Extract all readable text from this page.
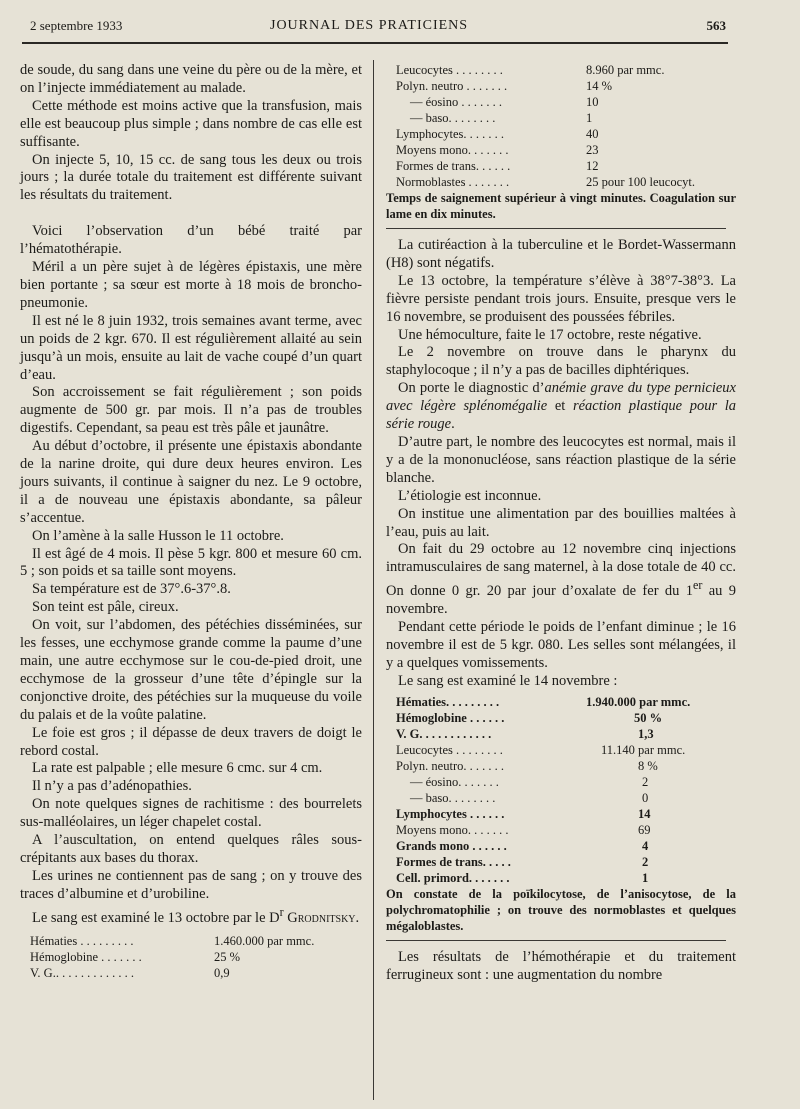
2 septembre 1933	JOURNAL DES PRATICIENS	563

de soude, du sang dans une veine du père ou de la mère, et on l’injecte immédiatement au malade.

Cette méthode est moins active que la transfusion, mais elle est beaucoup plus simple ; dans nombre de cas elle est suffisante.

On injecte 5, 10, 15 cc. de sang tous les deux ou trois jours ; la durée totale du traitement est différente suivant les résultats du traitement.

Voici l’observation d’un bébé traité par l’hématothérapie.

Méril a un père sujet à de légères épistaxis, une mère bien portante ; sa sœur est morte à 18 mois de broncho-pneumonie.

Il est né le 8 juin 1932, trois semaines avant terme, avec un poids de 2 kgr. 670. Il est régulièrement allaité au sein jusqu’à un mois, ensuite au lait de vache coupé d’un quart d’eau.

Son accroissement se fait régulièrement ; son poids augmente de 500 gr. par mois. Il n’a pas de troubles digestifs. Cependant, sa peau est très pâle et jaunâtre.

Au début d’octobre, il présente une épistaxis abondante de la narine droite, qui dure deux heures environ. Les jours suivants, il continue à saigner du nez. Le 9 octobre, il a de nouveau une épistaxis abondante, sa pâleur s’accentue.

On l’amène à la salle Husson le 11 octobre.

Il est âgé de 4 mois. Il pèse 5 kgr. 800 et mesure 60 cm. 5 ; son poids et sa taille sont moyens.

Sa température est de 37°.6-37°.8.

Son teint est pâle, cireux.

On voit, sur l’abdomen, des pétéchies disséminées, sur les fesses, une ecchymose grande comme la paume d’une main, une autre ecchymose sur le cou-de-pied droit, une ecchymose de la grosseur d’une tête d’épingle sur la conjonctive droite, des pétéchies sur la muqueuse du voile du palais et de la voûte palatine.

Le foie est gros ; il dépasse de deux travers de doigt le rebord costal.

La rate est palpable ; elle mesure 6 cmc. sur 4 cm.

Il n’y a pas d’adénopathies.

On note quelques signes de rachitisme : des bourrelets sus-malléolaires, un léger chapelet costal.

A l’auscultation, on entend quelques râles sous-crépitants aux bases du thorax.

Les urines ne contiennent pas de sang ; on y trouve des traces d’albumine et d’urobiline.

Le sang est examiné le 13 octobre par le $D^r$ Grodnitsky.

Hématies . . . . . . . . .	1.460.000 par mmc.
Hémoglobine . . . . . . .	25 %
V. G.. . . . . . . . . . . . .	0,9
Leucocytes . . . . . . . .	8.960 par mmc.
Polyn. neutro . . . . . . .	14 %
— éosino . . . . . . .	10
— baso. . . . . . . .	1
Lymphocytes. . . . . . .	40
Moyens mono. . . . . . .	23
Formes de trans. . . . . .	12
Normoblastes . . . . . . .	25 pour 100 leucocyt.

Temps de saignement supérieur à vingt minutes. Coagulation sur lame en dix minutes.

La cutiréaction à la tuberculine et le Bordet-Wassermann (H8) sont négatifs.

Le 13 octobre, la température s’élève à 38°7-38°3. La fièvre persiste pendant trois jours. Ensuite, presque vers le 16 novembre, se produisent des poussées fébriles.

Une hémoculture, faite le 17 octobre, reste négative.

Le 2 novembre on trouve dans le pharynx du staphylocoque ; il n’y a pas de bacilles diphtériques.

On porte le diagnostic d’anémie grave du type pernicieux avec légère splénomégalie et réaction plastique pour la série rouge.

D’autre part, le nombre des leucocytes est normal, mais il y a de la mononucléose, sans réaction plastique de la série blanche.

L’étiologie est inconnue.

On institue une alimentation par des bouillies maltées à l’eau, puis au lait.

On fait du 29 octobre au 12 novembre cinq injections intramusculaires de sang maternel, à la dose totale de 40 cc. On donne 0 gr. 20 par jour d’oxalate de fer du 1er au 9 novembre.

Pendant cette période le poids de l’enfant diminue ; le 16 novembre il est de 5 kgr. 080. Les selles sont mélangées, il y a quelques vomissements.

Le sang est examiné le 14 novembre :

Hématies. . . . . . . . .	1.940.000 par mmc.
Hémoglobine . . . . . .	50 %
V. G. . . . . . . . . . . .	1,3
Leucocytes . . . . . . . .	11.140 par mmc.
Polyn. neutro. . . . . . .	8 %
— éosino. . . . . . .	2
— baso. . . . . . . .	0
Lymphocytes . . . . . .	14
Moyens mono. . . . . . .	69
Grands mono . . . . . .	4
Formes de trans. . . . .	2
Cell. primord. . . . . . .	1

On constate de la poïkilocytose, de l’anisocytose, de la polychromatophilie ; on trouve des normoblastes et quelques mégaloblastes.

Les résultats de l’hémothérapie et du traitement ferrugineux sont : une augmentation du nombre
